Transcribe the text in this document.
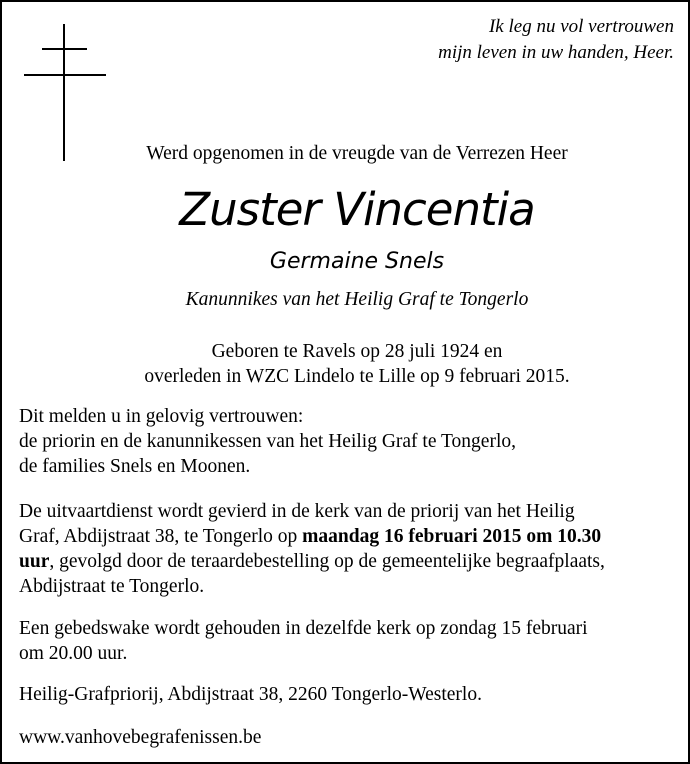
Ik leg nu vol vertrouwen
mijn leven in uw handen, Heer.
Werd opgenomen in de vreugde van de Verrezen Heer
Zuster Vincentia
Germaine Snels
Kanunnikes van het Heilig Graf te Tongerlo
Geboren te Ravels op 28 juli 1924 en
overleden in WZC Lindelo te Lille op 9 februari 2015.
Dit melden u in gelovig vertrouwen:
de priorin en de kanunnikessen van het Heilig Graf te Tongerlo,
de families Snels en Moonen.
De uitvaartdienst wordt gevierd in de kerk van de priorij van het Heilig
Graf, Abdijstraat 38, te Tongerlo op maandag 16 februari 2015 om 10.30
uur, gevolgd door de teraardebestelling op de gemeentelijke begraafplaats,
Abdijstraat te Tongerlo.
Een gebedswake wordt gehouden in dezelfde kerk op zondag 15 februari
om 20.00 uur.
Heilig-Grafpriorij, Abdijstraat 38, 2260 Tongerlo-Westerlo.
www.vanhovebegrafenissen.be
